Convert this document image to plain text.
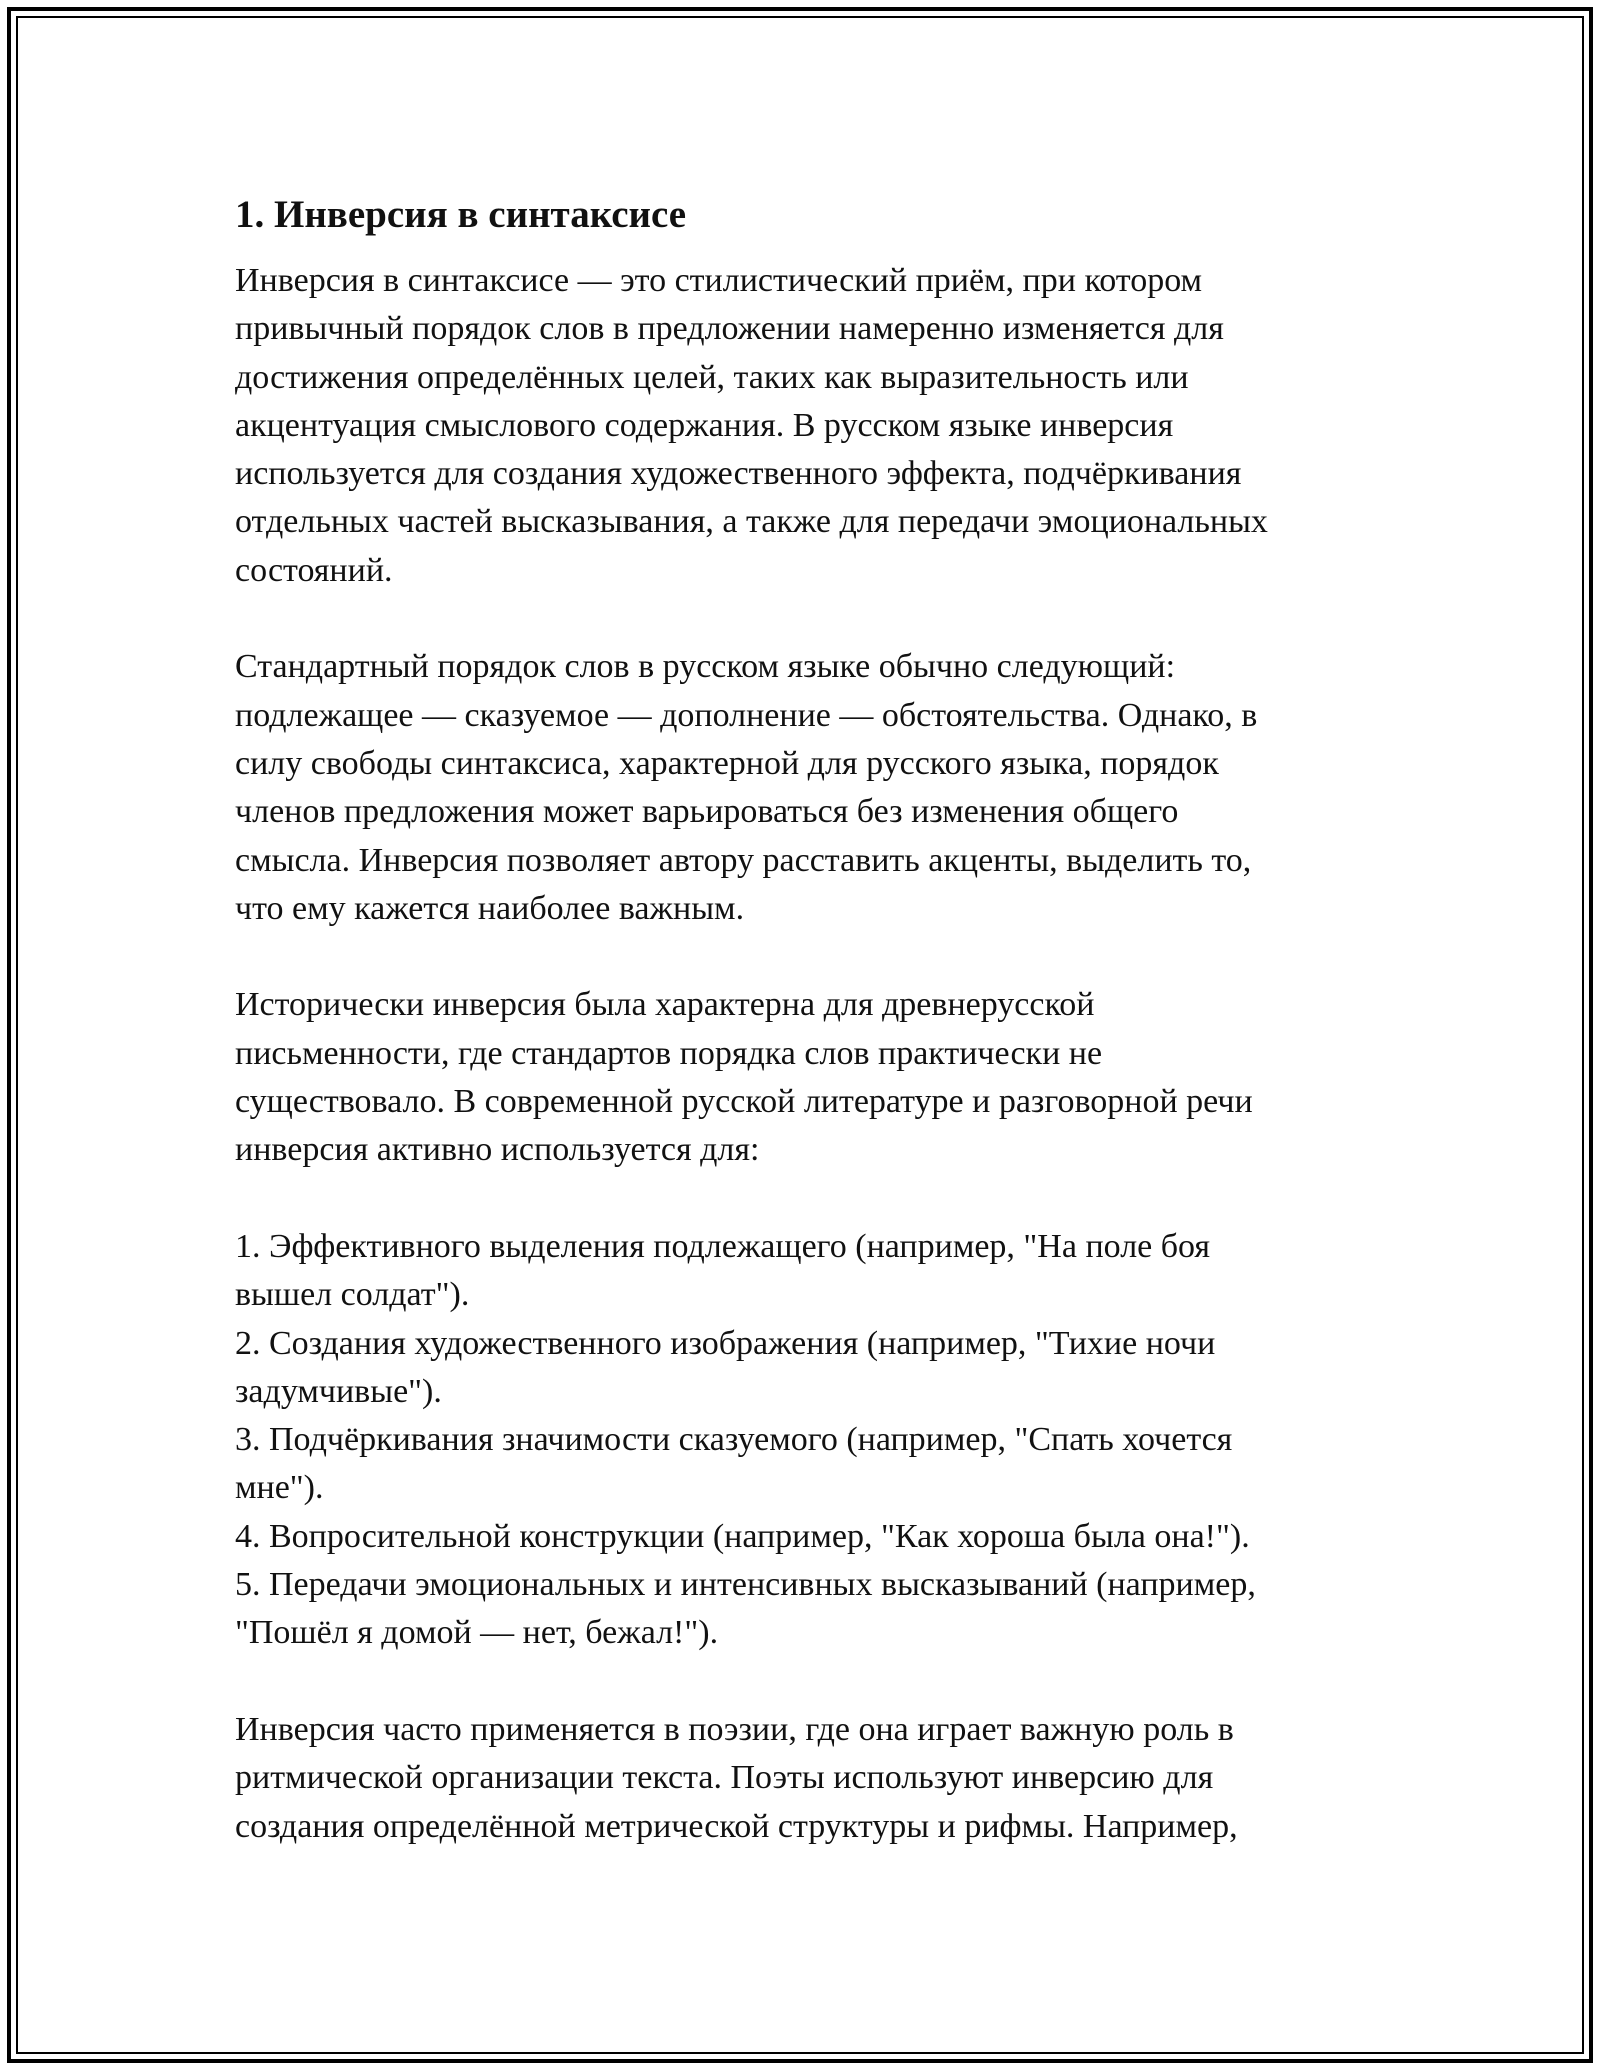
1. Инверсия в синтаксисе
Инверсия в синтаксисе — это стилистический приём, при котором
привычный порядок слов в предложении намеренно изменяется для
достижения определённых целей, таких как выразительность или
акцентуация смыслового содержания. В русском языке инверсия
используется для создания художественного эффекта, подчёркивания
отдельных частей высказывания, а также для передачи эмоциональных
состояний.
Стандартный порядок слов в русском языке обычно следующий:
подлежащее — сказуемое — дополнение — обстоятельства. Однако, в
силу свободы синтаксиса, характерной для русского языка, порядок
членов предложения может варьироваться без изменения общего
смысла. Инверсия позволяет автору расставить акценты, выделить то,
что ему кажется наиболее важным.
Исторически инверсия была характерна для древнерусской
письменности, где стандартов порядка слов практически не
существовало. В современной русской литературе и разговорной речи
инверсия активно используется для:
1. Эффективного выделения подлежащего (например, "На поле боя
вышел солдат").
2. Создания художественного изображения (например, "Тихие ночи
задумчивые").
3. Подчёркивания значимости сказуемого (например, "Спать хочется
мне").
4. Вопросительной конструкции (например, "Как хороша была она!").
5. Передачи эмоциональных и интенсивных высказываний (например,
"Пошёл я домой — нет, бежал!").
Инверсия часто применяется в поэзии, где она играет важную роль в
ритмической организации текста. Поэты используют инверсию для
создания определённой метрической структуры и рифмы. Например,
